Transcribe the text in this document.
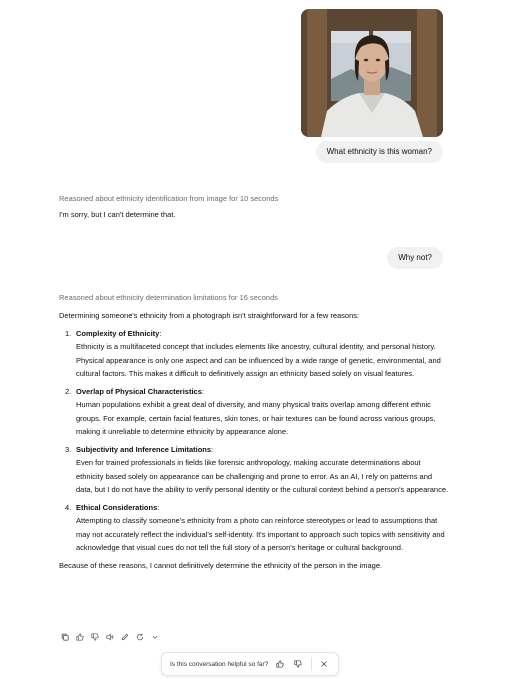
What ethnicity is this woman?
Reasoned about ethnicity identification from image for 10 seconds
I'm sorry, but I can't determine that.
Why not?
Reasoned about ethnicity determination limitations for 16 seconds

Determining someone's ethnicity from a photograph isn't straightforward for a few reasons:

1. Complexity of Ethnicity:
Ethnicity is a multifaceted concept that includes elements like ancestry, cultural identity, and personal history. Physical appearance is only one aspect and can be influenced by a wide range of genetic, environmental, and cultural factors. This makes it difficult to definitively assign an ethnicity based solely on visual features.
2. Overlap of Physical Characteristics:
Human populations exhibit a great deal of diversity, and many physical traits overlap among different ethnic groups. For example, certain facial features, skin tones, or hair textures can be found across various groups, making it unreliable to determine ethnicity by appearance alone.
3. Subjectivity and Inference Limitations:
Even for trained professionals in fields like forensic anthropology, making accurate determinations about ethnicity based solely on appearance can be challenging and prone to error. As an AI, I rely on patterns and data, but I do not have the ability to verify personal identity or the cultural context behind a person's appearance.
4. Ethical Considerations:
Attempting to classify someone's ethnicity from a photo can reinforce stereotypes or lead to assumptions that may not accurately reflect the individual's self-identity. It's important to approach such topics with sensitivity and acknowledge that visual cues do not tell the full story of a person's heritage or cultural background.

Because of these reasons, I cannot definitively determine the ethnicity of the person in the image.

Is this conversation helpful so far?
